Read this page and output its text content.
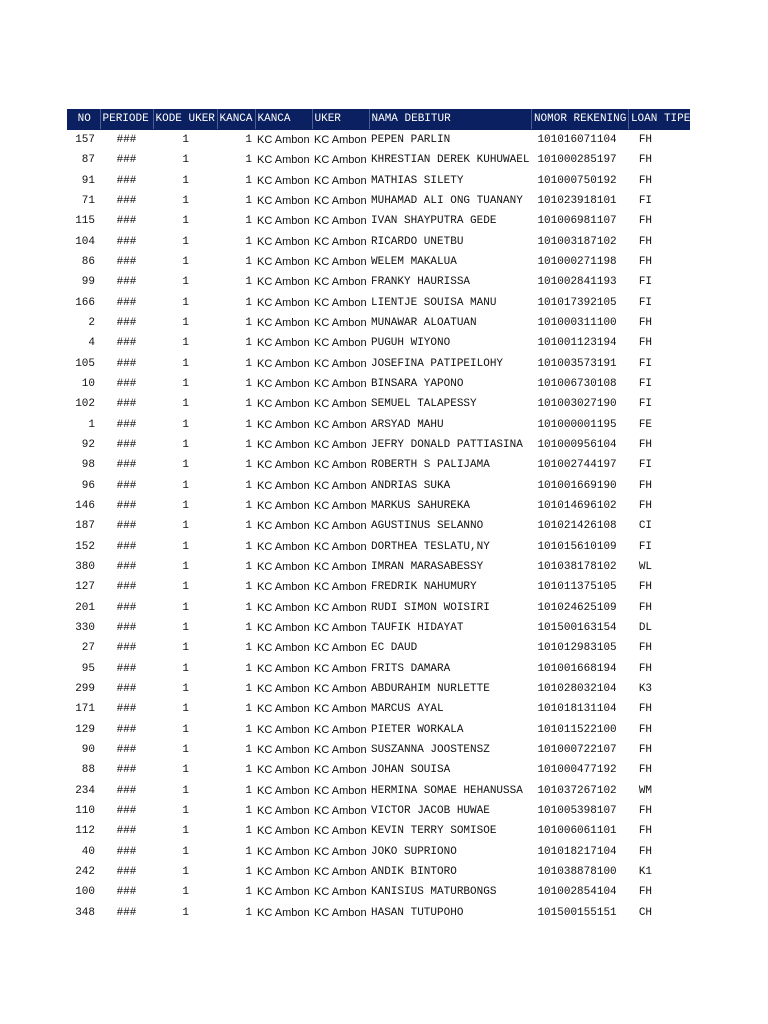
NO	PERIODE	KODE UKER	KANCA	KANCA	UKER	NAMA DEBITUR	NOMOR REKENING	LOAN TIPE
157	###	1	1	KC Ambon	KC Ambon	PEPEN PARLIN	101016071104	FH
87	###	1	1	KC Ambon	KC Ambon	KHRESTIAN DEREK KUHUWAEL	101000285197	FH
91	###	1	1	KC Ambon	KC Ambon	MATHIAS SILETY	101000750192	FH
71	###	1	1	KC Ambon	KC Ambon	MUHAMAD ALI ONG TUANANY	101023918101	FI
115	###	1	1	KC Ambon	KC Ambon	IVAN SHAYPUTRA GEDE	101006981107	FH
104	###	1	1	KC Ambon	KC Ambon	RICARDO UNETBU	101003187102	FH
86	###	1	1	KC Ambon	KC Ambon	WELEM MAKALUA	101000271198	FH
99	###	1	1	KC Ambon	KC Ambon	FRANKY HAURISSA	101002841193	FI
166	###	1	1	KC Ambon	KC Ambon	LIENTJE SOUISA MANU	101017392105	FI
2	###	1	1	KC Ambon	KC Ambon	MUNAWAR ALOATUAN	101000311100	FH
4	###	1	1	KC Ambon	KC Ambon	PUGUH WIYONO	101001123194	FH
105	###	1	1	KC Ambon	KC Ambon	JOSEFINA PATIPEILOHY	101003573191	FI
10	###	1	1	KC Ambon	KC Ambon	BINSARA YAPONO	101006730108	FI
102	###	1	1	KC Ambon	KC Ambon	SEMUEL TALAPESSY	101003027190	FI
1	###	1	1	KC Ambon	KC Ambon	ARSYAD MAHU	101000001195	FE
92	###	1	1	KC Ambon	KC Ambon	JEFRY DONALD PATTIASINA	101000956104	FH
98	###	1	1	KC Ambon	KC Ambon	ROBERTH S PALIJAMA	101002744197	FI
96	###	1	1	KC Ambon	KC Ambon	ANDRIAS SUKA	101001669190	FH
146	###	1	1	KC Ambon	KC Ambon	MARKUS SAHUREKA	101014696102	FH
187	###	1	1	KC Ambon	KC Ambon	AGUSTINUS SELANNO	101021426108	CI
152	###	1	1	KC Ambon	KC Ambon	DORTHEA TESLATU,NY	101015610109	FI
380	###	1	1	KC Ambon	KC Ambon	IMRAN MARASABESSY	101038178102	WL
127	###	1	1	KC Ambon	KC Ambon	FREDRIK NAHUMURY	101011375105	FH
201	###	1	1	KC Ambon	KC Ambon	RUDI SIMON WOISIRI	101024625109	FH
330	###	1	1	KC Ambon	KC Ambon	TAUFIK HIDAYAT	101500163154	DL
27	###	1	1	KC Ambon	KC Ambon	EC DAUD	101012983105	FH
95	###	1	1	KC Ambon	KC Ambon	FRITS DAMARA	101001668194	FH
299	###	1	1	KC Ambon	KC Ambon	ABDURAHIM NURLETTE	101028032104	K3
171	###	1	1	KC Ambon	KC Ambon	MARCUS AYAL	101018131104	FH
129	###	1	1	KC Ambon	KC Ambon	PIETER WORKALA	101011522100	FH
90	###	1	1	KC Ambon	KC Ambon	SUSZANNA JOOSTENSZ	101000722107	FH
88	###	1	1	KC Ambon	KC Ambon	JOHAN SOUISA	101000477192	FH
234	###	1	1	KC Ambon	KC Ambon	HERMINA SOMAE HEHANUSSA	101037267102	WM
110	###	1	1	KC Ambon	KC Ambon	VICTOR JACOB HUWAE	101005398107	FH
112	###	1	1	KC Ambon	KC Ambon	KEVIN TERRY SOMISOE	101006061101	FH
40	###	1	1	KC Ambon	KC Ambon	JOKO SUPRIONO	101018217104	FH
242	###	1	1	KC Ambon	KC Ambon	ANDIK BINTORO	101038878100	K1
100	###	1	1	KC Ambon	KC Ambon	KANISIUS MATURBONGS	101002854104	FH
348	###	1	1	KC Ambon	KC Ambon	HASAN TUTUPOHO	101500155151	CH
